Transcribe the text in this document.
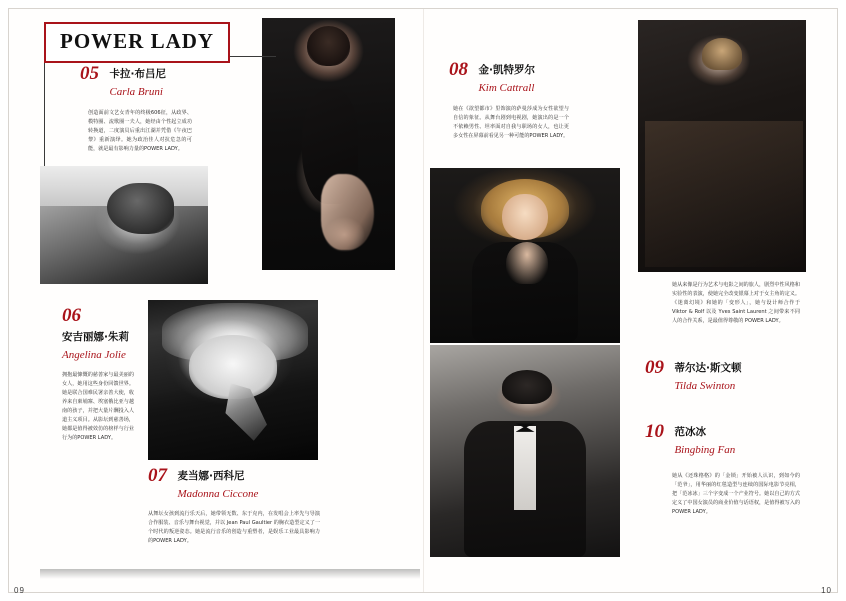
POWER LADY
05 卡拉·布吕尼
Carla Bruni
创造面前文艺女青年的终极606征，从政界、模特圈、流歌圈一夫人，她经由个性起立成功转换道，二度演员后重出江湖并凭借《午夜巴黎》重新演绎。她为政治佳人对抗危急的可能，就是最有影响力量的POWER LADY。
06
安吉丽娜·朱莉
Angelina Jolie
拥抱最慷慨的慈善家与最美丽的女人，她用这些身份回馈世界。她是联合国难民署亲善大使，收养来自柬埔寨、埃塞俄比亚与越南的孩子，并把大量片酬投入人道主义项目。从影坛到慈善场，她都是值得被效仿的榜样与行业行为的POWER LADY。
07 麦当娜·西科尼
Madonna Ciccone
从舞坛女孩到流行乐天后，她带领无数、东于克内，在发唱会上率先与导演合作服装、音乐与舞台视觉，并以 Jean Paul Gaultier 的胸衣造型定义了一个时代的叛逆姿态。她是流行音乐的创造与重塑者，是娱乐工业最具影响力的POWER LADY。
08 金·凯特罗尔
Kim Cattrall
她在《欲望都市》里饰演的萨曼莎成为女性欲望与自信的象征。从舞台剧到电视剧，她演出的是一个不依赖男性、坦率面对自我与职场的女人，也让更多女性在屏幕前看见另一种可能的POWER LADY。
她从来像是行为艺术与电影之间的旅人，剧烈中性风格和实验性的表演，使她完全改变银幕上对于女主角的定义。《迷离幻境》和她的「变形人」，她与设计师合作于 Viktor & Rolf 以及 Yves Saint Laurent 之间带来不同人的合作关系，是最值得尊敬的 POWER LADY。
09 蒂尔达·斯文顿
Tilda Swinton
10 范冰冰
Bingbing Fan
她从《还珠格格》的「金锁」开始被人认识，到如今的「范爷」，用华丽的红毯造型与连续的国际电影节亮相，把「范冰冰」三个字变成一个产业符号。她以自己的方式定义了中国女演员的商业价值与话语权，是值得被写入的POWER LADY。
09	10
